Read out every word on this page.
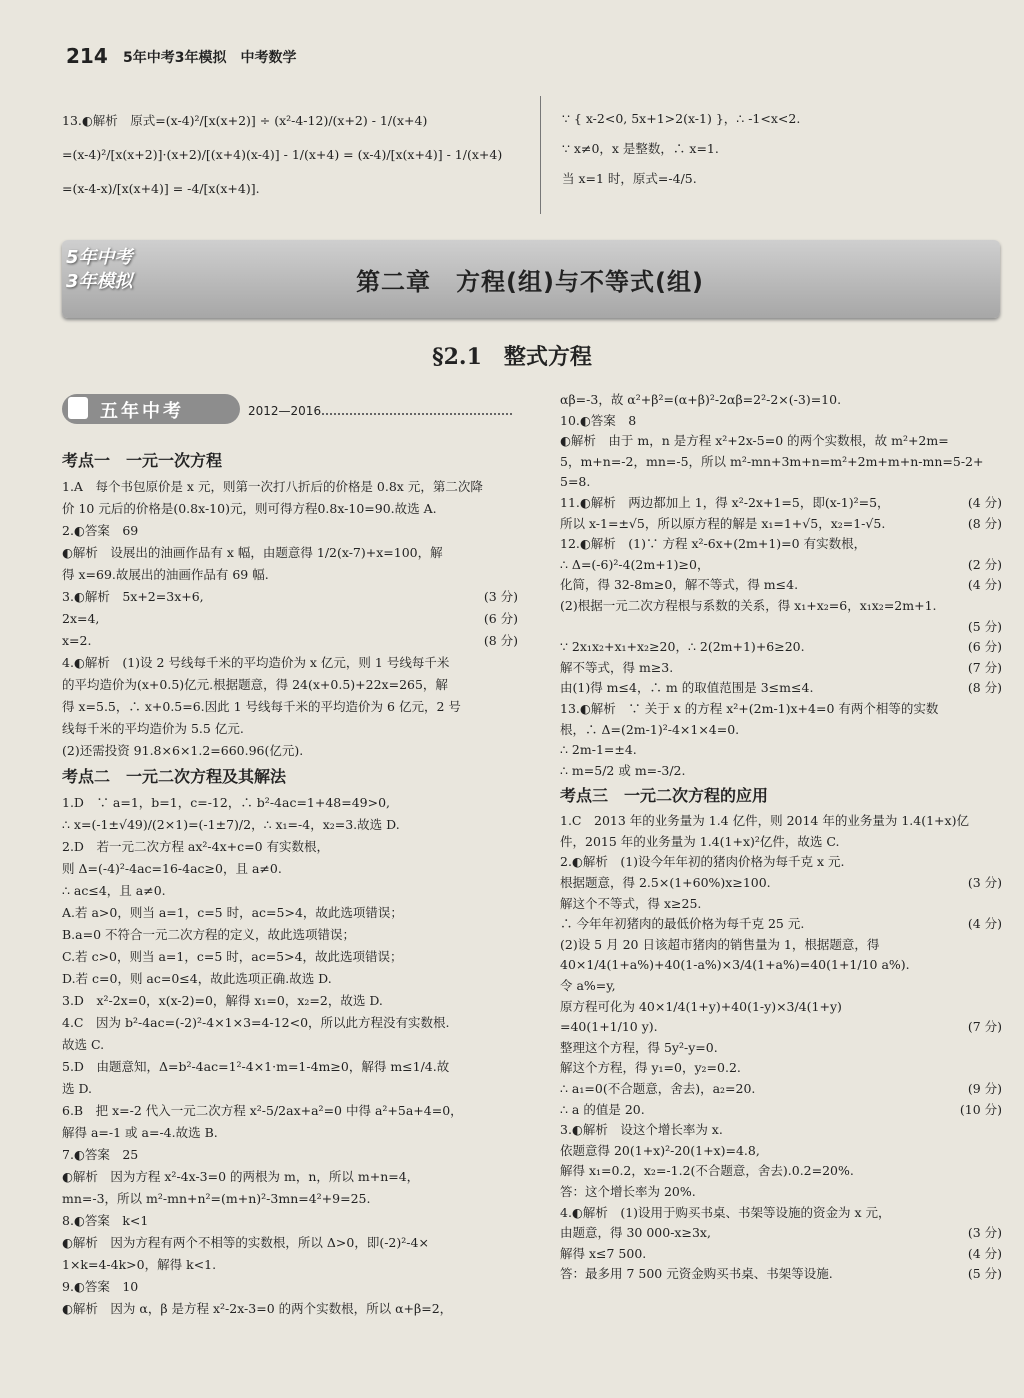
214 5年中考3年模拟　中考数学
13.◐解析　原式=(x-4)²/[x(x+2)] ÷ (x²-4-12)/(x+2) - 1/(x+4)
=(x-4)²/[x(x+2)]·(x+2)/[(x+4)(x-4)] - 1/(x+4) = (x-4)/[x(x+4)] - 1/(x+4)
=(x-4-x)/[x(x+4)] = -4/[x(x+4)].
∵ { x-2<0, 5x+1>2(x-1) }，∴ -1<x<2.
∵ x≠0，x 是整数，∴ x=1.
当 x=1 时，原式=-4/5.
5年中考
3年模拟	第二章　方程(组)与不等式(组)
§2.1　整式方程
五年中考	2012—2016
考点一　一元一次方程
1.A　每个书包原价是 x 元，则第一次打八折后的价格是 0.8x 元，第二次降
价 10 元后的价格是(0.8x-10)元，则可得方程0.8x-10=90.故选 A.
2.◐答案　69
◐解析　设展出的油画作品有 x 幅，由题意得 1/2(x-7)+x=100，解
得 x=69.故展出的油画作品有 69 幅.
3.◐解析　5x+2=3x+6,	(3 分)
2x=4,	(6 分)
x=2.	(8 分)
4.◐解析　(1)设 2 号线每千米的平均造价为 x 亿元，则 1 号线每千米
的平均造价为(x+0.5)亿元.根据题意，得 24(x+0.5)+22x=265，解
得 x=5.5，∴ x+0.5=6.因此 1 号线每千米的平均造价为 6 亿元，2 号
线每千米的平均造价为 5.5 亿元.
(2)还需投资 91.8×6×1.2=660.96(亿元).
考点二　一元二次方程及其解法
1.D　∵ a=1，b=1，c=-12，∴ b²-4ac=1+48=49>0,
∴ x=(-1±√49)/(2×1)=(-1±7)/2，∴ x₁=-4，x₂=3.故选 D.
2.D　若一元二次方程 ax²-4x+c=0 有实数根，
则 Δ=(-4)²-4ac=16-4ac≥0，且 a≠0.
∴ ac≤4，且 a≠0.
A.若 a>0，则当 a=1，c=5 时，ac=5>4，故此选项错误；
B.a=0 不符合一元二次方程的定义，故此选项错误；
C.若 c>0，则当 a=1，c=5 时，ac=5>4，故此选项错误；
D.若 c=0，则 ac=0≤4，故此选项正确.故选 D.
3.D　x²-2x=0，x(x-2)=0，解得 x₁=0，x₂=2，故选 D.
4.C　因为 b²-4ac=(-2)²-4×1×3=4-12<0，所以此方程没有实数根.
故选 C.
5.D　由题意知，Δ=b²-4ac=1²-4×1·m=1-4m≥0，解得 m≤1/4.故
选 D.
6.B　把 x=-2 代入一元二次方程 x²-5/2ax+a²=0 中得 a²+5a+4=0，
解得 a=-1 或 a=-4.故选 B.
7.◐答案　25
◐解析　因为方程 x²-4x-3=0 的两根为 m，n，所以 m+n=4，
mn=-3，所以 m²-mn+n²=(m+n)²-3mn=4²+9=25.
8.◐答案　k<1
◐解析　因为方程有两个不相等的实数根，所以 Δ>0，即(-2)²-4×
1×k=4-4k>0，解得 k<1.
9.◐答案　10
◐解析　因为 α，β 是方程 x²-2x-3=0 的两个实数根，所以 α+β=2，
αβ=-3，故 α²+β²=(α+β)²-2αβ=2²-2×(-3)=10.
10.◐答案　8
◐解析　由于 m，n 是方程 x²+2x-5=0 的两个实数根，故 m²+2m=
5，m+n=-2，mn=-5，所以 m²-mn+3m+n=m²+2m+m+n-mn=5-2+
5=8.
11.◐解析　两边都加上 1，得 x²-2x+1=5，即(x-1)²=5，	(4 分)
所以 x-1=±√5，所以原方程的解是 x₁=1+√5，x₂=1-√5.	(8 分)
12.◐解析　(1)∵ 方程 x²-6x+(2m+1)=0 有实数根，
∴ Δ=(-6)²-4(2m+1)≥0，	(2 分)
化简，得 32-8m≥0，解不等式，得 m≤4.	(4 分)
(2)根据一元二次方程根与系数的关系，得 x₁+x₂=6，x₁x₂=2m+1.
(5 分)
∵ 2x₁x₂+x₁+x₂≥20，∴ 2(2m+1)+6≥20.	(6 分)
解不等式，得 m≥3.	(7 分)
由(1)得 m≤4，∴ m 的取值范围是 3≤m≤4.	(8 分)
13.◐解析　∵ 关于 x 的方程 x²+(2m-1)x+4=0 有两个相等的实数
根，∴ Δ=(2m-1)²-4×1×4=0.
∴ 2m-1=±4.
∴ m=5/2 或 m=-3/2.
考点三　一元二次方程的应用
1.C　2013 年的业务量为 1.4 亿件，则 2014 年的业务量为 1.4(1+x)亿
件，2015 年的业务量为 1.4(1+x)²亿件，故选 C.
2.◐解析　(1)设今年年初的猪肉价格为每千克 x 元.
根据题意，得 2.5×(1+60%)x≥100.	(3 分)
解这个不等式，得 x≥25.
∴ 今年年初猪肉的最低价格为每千克 25 元.	(4 分)
(2)设 5 月 20 日该超市猪肉的销售量为 1，根据题意，得
40×1/4(1+a%)+40(1-a%)×3/4(1+a%)=40(1+1/10 a%).
令 a%=y,
原方程可化为 40×1/4(1+y)+40(1-y)×3/4(1+y)
=40(1+1/10 y).	(7 分)
整理这个方程，得 5y²-y=0.
解这个方程，得 y₁=0，y₂=0.2.
∴ a₁=0(不合题意，舍去)，a₂=20.	(9 分)
∴ a 的值是 20.	(10 分)
3.◐解析　设这个增长率为 x.
依题意得 20(1+x)²-20(1+x)=4.8,
解得 x₁=0.2，x₂=-1.2(不合题意，舍去).0.2=20%.
答：这个增长率为 20%.
4.◐解析　(1)设用于购买书桌、书架等设施的资金为 x 元，
由题意，得 30 000-x≥3x,	(3 分)
解得 x≤7 500.	(4 分)
答：最多用 7 500 元资金购买书桌、书架等设施.	(5 分)
